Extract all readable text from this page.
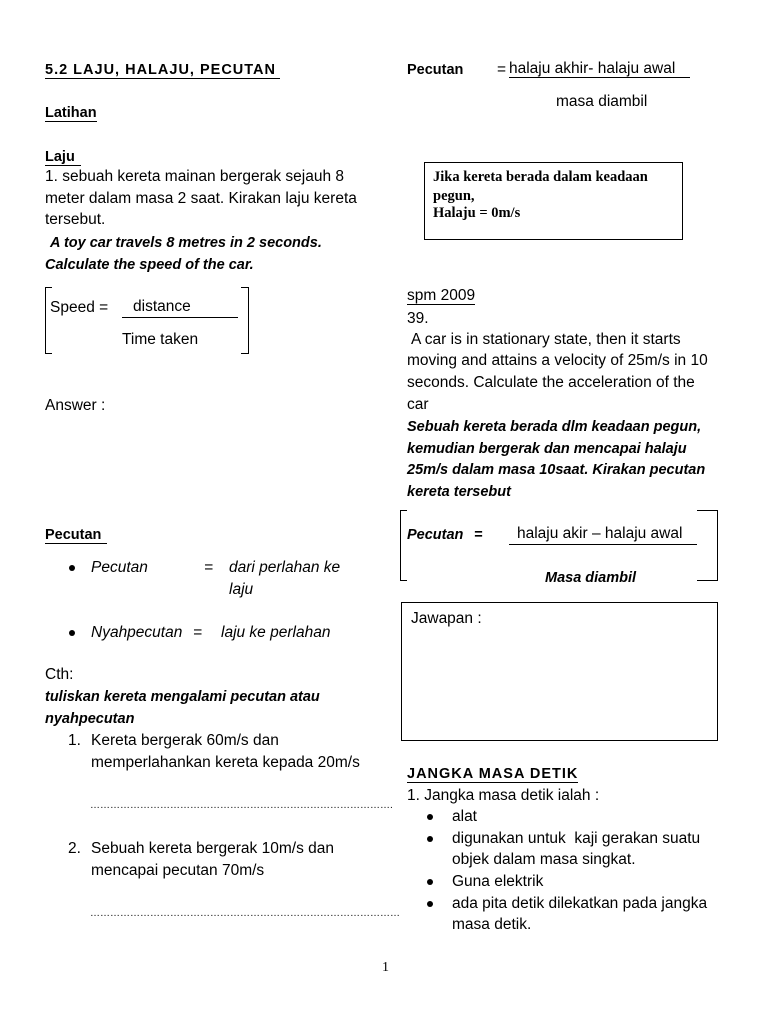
5.2 LAJU, HALAJU, PECUTAN
Latihan
Laju
1. sebuah kereta mainan bergerak sejauh 8
meter dalam masa 2 saat. Kirakan laju kereta
tersebut.
A toy car travels 8 metres in 2 seconds.
Calculate the speed of the car.
Speed =	distance
Time taken
Answer :
Pecutan
Pecutan	= dari perlahan ke
laju
Nyahpecutan = laju ke perlahan
Cth:
tuliskan kereta mengalami pecutan atau
nyahpecutan
1. Kereta bergerak 60m/s dan
memperlahankan kereta kepada 20m/s
……………………………………………………………………………….
2. Sebuah kereta bergerak 10m/s dan
mencapai pecutan 70m/s
…………………………………………………………………………………
Pecutan = halaju akhir- halaju awal
masa diambil
Jika kereta berada dalam keadaan
pegun,
Halaju = 0m/s
spm 2009
39.
A car is in stationary state, then it starts
moving and attains a velocity of 25m/s in 10
seconds. Calculate the acceleration of the
car
Sebuah kereta berada dlm keadaan pegun,
kemudian bergerak dan mencapai halaju
25m/s dalam masa 10saat. Kirakan pecutan
kereta tersebut
Pecutan =	halaju akir – halaju awal
Masa diambil
Jawapan :
JANGKA MASA DETIK
1. Jangka masa detik ialah :
alat
digunakan untuk  kaji gerakan suatu
objek dalam masa singkat.
Guna elektrik
ada pita detik dilekatkan pada jangka
masa detik.
1
